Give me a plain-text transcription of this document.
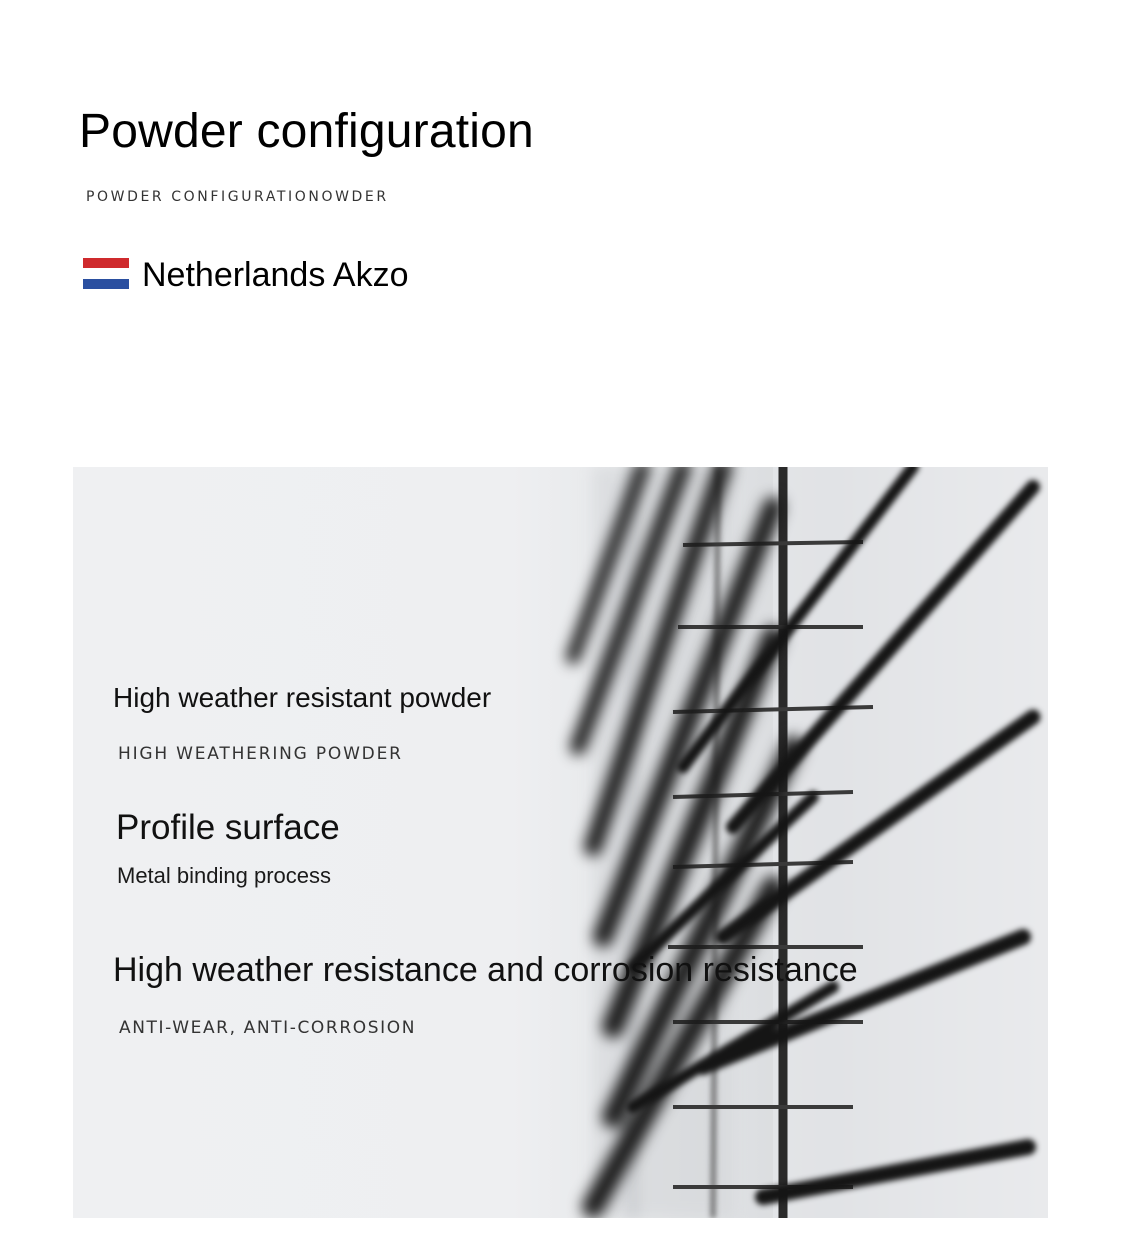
Powder configuration
POWDER CONFIGURATIONOWDER
Netherlands Akzo
High weather resistant powder
HIGH WEATHERING POWDER
Profile surface
Metal binding process
High weather resistance and corrosion resistance
ANTI-WEAR, ANTI-CORROSION
